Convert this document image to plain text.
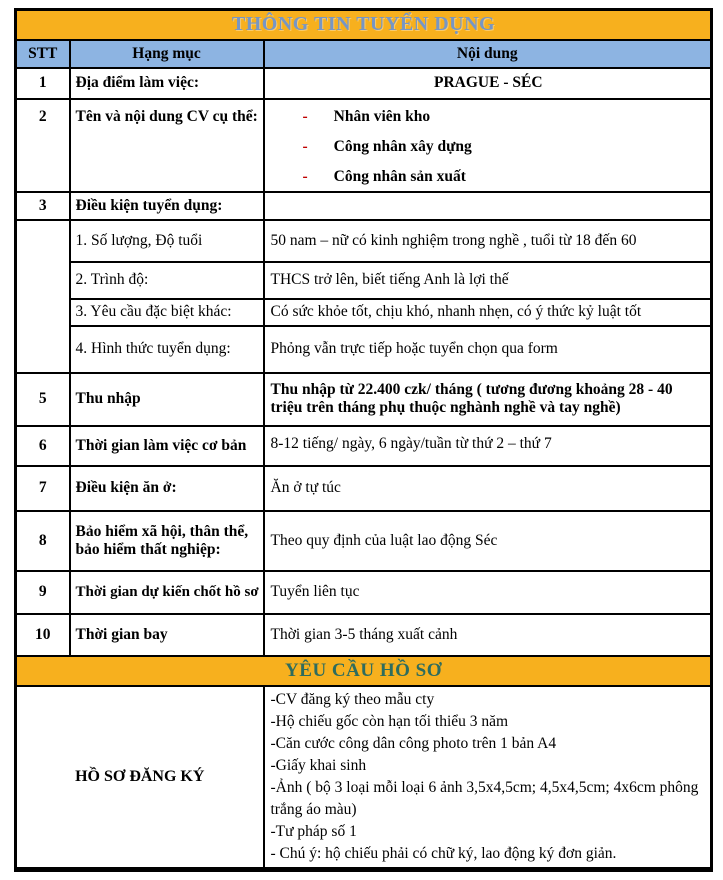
THÔNG TIN TUYỂN DỤNG		
STT	Hạng mục	Nội dung
1	Địa điểm làm việc:	PRAGUE - SÉC
2	Tên và nội dung CV cụ thể:	- Nhân viên kho
- Công nhân xây dựng
- Công nhân sản xuất

3	Điều kiện tuyển dụng:	
	1. Số lượng, Độ tuổi	50 nam – nữ có kinh nghiệm trong nghề , tuổi từ 18 đến 60
	2. Trình độ:	THCS trở lên, biết tiếng Anh là lợi thế
	3. Yêu cầu đặc biệt khác:	Có sức khỏe tốt, chịu khó, nhanh nhẹn, có ý thức kỷ luật tốt
	4. Hình thức tuyển dụng:	Phỏng vẫn trực tiếp hoặc tuyển chọn qua form
5	Thu nhập	Thu nhập từ 22.400 czk/ tháng ( tương đương khoảng 28 - 40 triệu trên tháng phụ thuộc nghành nghề và tay nghề)
6	Thời gian làm việc cơ bản	8-12 tiếng/ ngày, 6 ngày/tuần từ thứ 2 – thứ 7
7	Điều kiện ăn ở:	Ăn ở tự túc
8	Bảo hiểm xã hội, thân thể, bảo hiểm thất nghiệp:	Theo quy định của luật lao động Séc
9	Thời gian dự kiến chốt hồ sơ	Tuyển liên tục
10	Thời gian bay	Thời gian 3-5 tháng xuất cảnh
YÊU CẦU HỒ SƠ		
HỒ SƠ ĐĂNG KÝ	
-CV đăng ký theo mẫu cty
-Hộ chiếu gốc còn hạn tối thiểu 3 năm
-Căn cước công dân công photo trên 1 bản A4
-Giấy khai sinh
-Ảnh ( bộ 3 loại mỗi loại 6 ảnh 3,5x4,5cm; 4,5x4,5cm; 4x6cm phông trắng áo màu)
-Tư pháp số 1
- Chú ý: hộ chiếu phải có chữ ký, lao động ký đơn giản.
